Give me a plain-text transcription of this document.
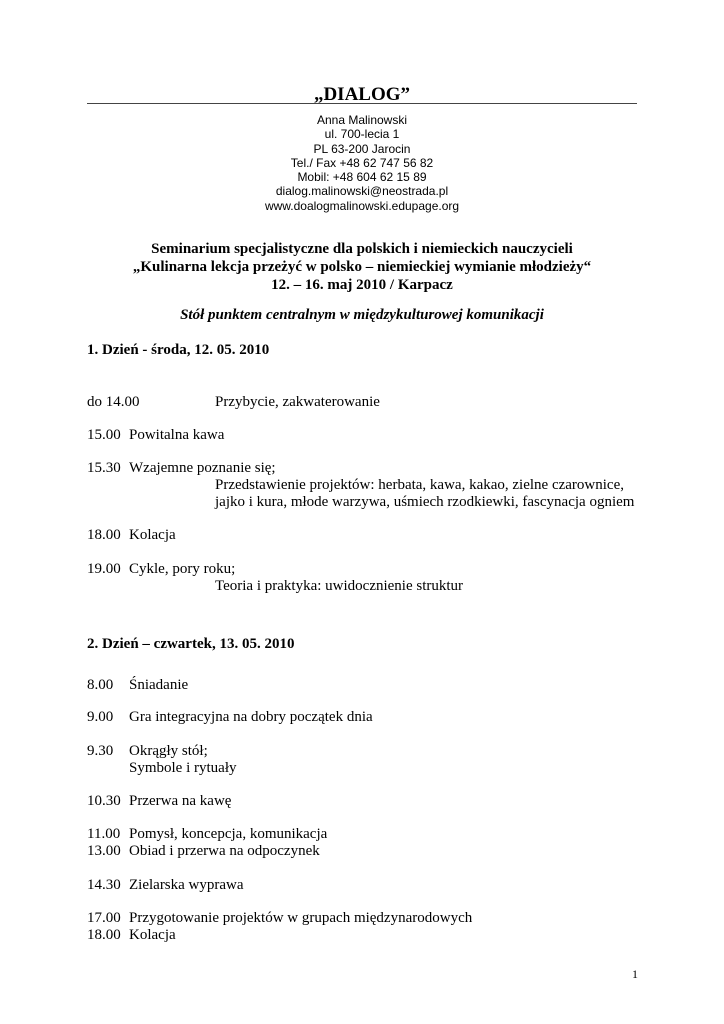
„DIALOG”
Anna Malinowski
ul. 700-lecia 1
PL 63-200 Jarocin
Tel./ Fax +48 62 747 56 82
Mobil: +48 604 62 15 89
dialog.malinowski@neostrada.pl
www.doalogmalinowski.edupage.org
Seminarium specjalistyczne dla polskich i niemieckich nauczycieli
„Kulinarna lekcja przeżyć w polsko – niemieckiej wymianie młodzieży“
12. – 16. maj 2010 / Karpacz
Stół punktem centralnym w międzykulturowej komunikacji
1. Dzień - środa, 12. 05. 2010
do 14.00	Przybycie, zakwaterowanie
15.00 Powitalna kawa
15.30 Wzajemne poznanie się;
Przedstawienie projektów: herbata, kawa, kakao, zielne czarownice,
jajko i kura, młode warzywa, uśmiech rzodkiewki, fascynacja ogniem
18.00 Kolacja
19.00 Cykle, pory roku;
Teoria i praktyka: uwidocznienie struktur
2. Dzień – czwartek, 13. 05. 2010
8.00 Śniadanie
9.00 Gra integracyjna na dobry początek dnia
9.30 Okrągły stół;
Symbole i rytuały
10.30 Przerwa na kawę
11.00 Pomysł, koncepcja, komunikacja
13.00 Obiad i przerwa na odpoczynek
14.30 Zielarska wyprawa
17.00 Przygotowanie projektów w grupach międzynarodowych
18.00 Kolacja
1
